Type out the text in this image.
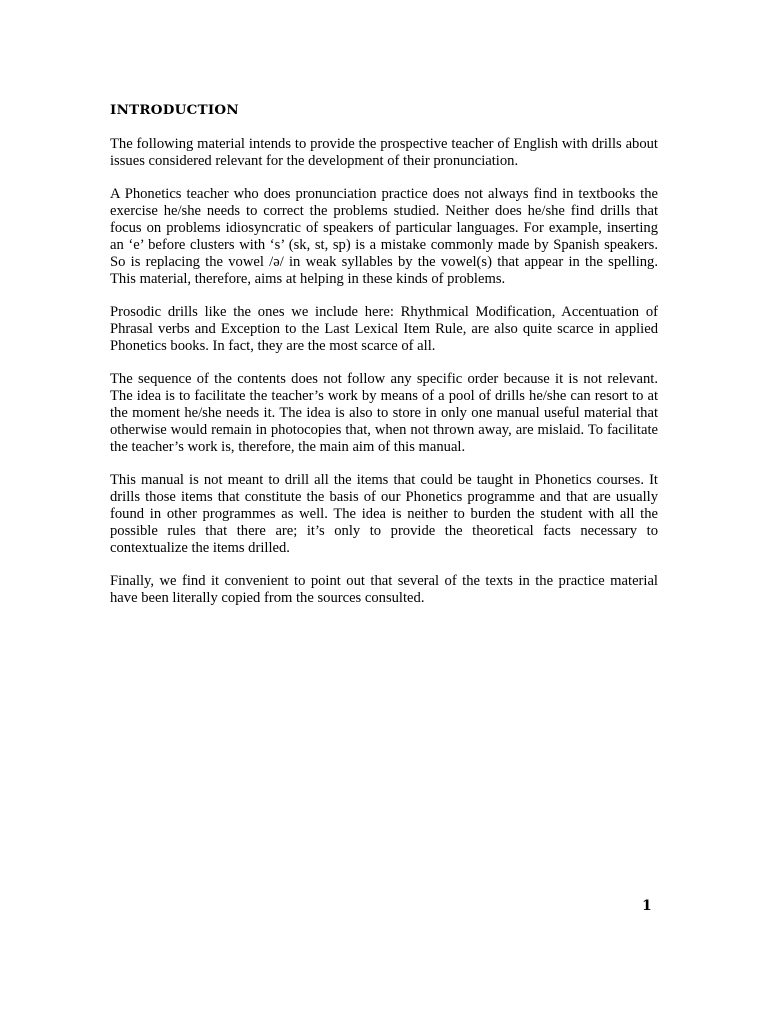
INTRODUCTION

The following material intends to provide the prospective teacher of English with drills about issues considered relevant for the development of their pronunciation.

A Phonetics teacher who does pronunciation practice does not always find in textbooks the exercise he/she needs to correct the problems studied. Neither does he/she find drills that focus on problems idiosyncratic of speakers of particular languages. For example, inserting an ‘e’ before clusters with ‘s’ (sk, st, sp) is a mistake commonly made by Spanish speakers. So is replacing the vowel /ə/ in weak syllables by the vowel(s) that appear in the spelling. This material, therefore, aims at helping in these kinds of problems.

Prosodic drills like the ones we include here: Rhythmical Modification, Accentuation of Phrasal verbs and Exception to the Last Lexical Item Rule, are also quite scarce in applied Phonetics books. In fact, they are the most scarce of all.

The sequence of the contents does not follow any specific order because it is not relevant. The idea is to facilitate the teacher’s work by means of a pool of drills he/she can resort to at the moment he/she needs it. The idea is also to store in only one manual useful material that otherwise would remain in photocopies that, when not thrown away, are mislaid. To facilitate the teacher’s work is, therefore, the main aim of this manual.

This manual is not meant to drill all the items that could be taught in Phonetics courses. It drills those items that constitute the basis of our Phonetics programme and that are usually found in other programmes as well. The idea is neither to burden the student with all the possible rules that there are; it’s only to provide the theoretical facts necessary to contextualize the items drilled.

Finally, we find it convenient to point out that several of the texts in the practice material have been literally copied from the sources consulted.

1
